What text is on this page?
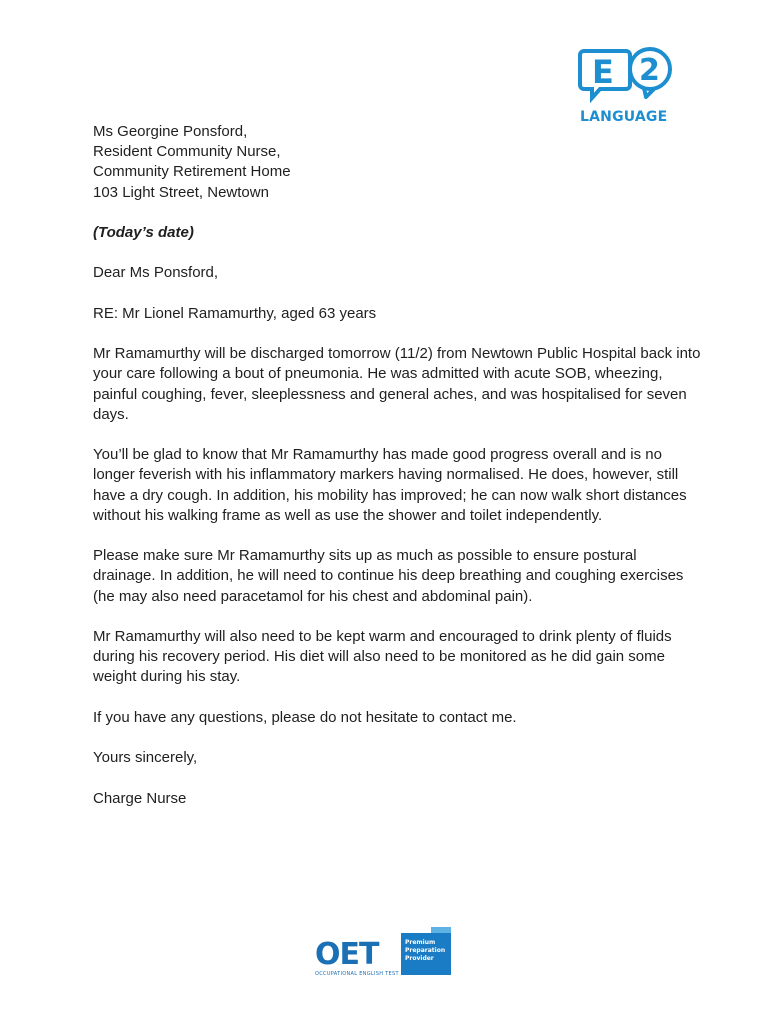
E 2
LANGUAGE

Ms Georgine Ponsford,
Resident Community Nurse,
Community Retirement Home
103 Light Street, Newtown

(Today’s date)

Dear Ms Ponsford,

RE: Mr Lionel Ramamurthy, aged 63 years

Mr Ramamurthy will be discharged tomorrow (11/2) from Newtown Public Hospital back into your care following a bout of pneumonia. He was admitted with acute SOB, wheezing, painful coughing, fever, sleeplessness and general aches, and was hospitalised for seven days.

You’ll be glad to know that Mr Ramamurthy has made good progress overall and is no longer feverish with his inflammatory markers having normalised. He does, however, still have a dry cough. In addition, his mobility has improved; he can now walk short distances without his walking frame as well as use the shower and toilet independently.

Please make sure Mr Ramamurthy sits up as much as possible to ensure postural drainage. In addition, he will need to continue his deep breathing and coughing exercises (he may also need paracetamol for his chest and abdominal pain).

Mr Ramamurthy will also need to be kept warm and encouraged to drink plenty of fluids during his recovery period. His diet will also need to be monitored as he did gain some weight during his stay.

If you have any questions, please do not hesitate to contact me.

Yours sincerely,

Charge Nurse

OET
OCCUPATIONAL ENGLISH TEST
Premium
Preparation
Provider
